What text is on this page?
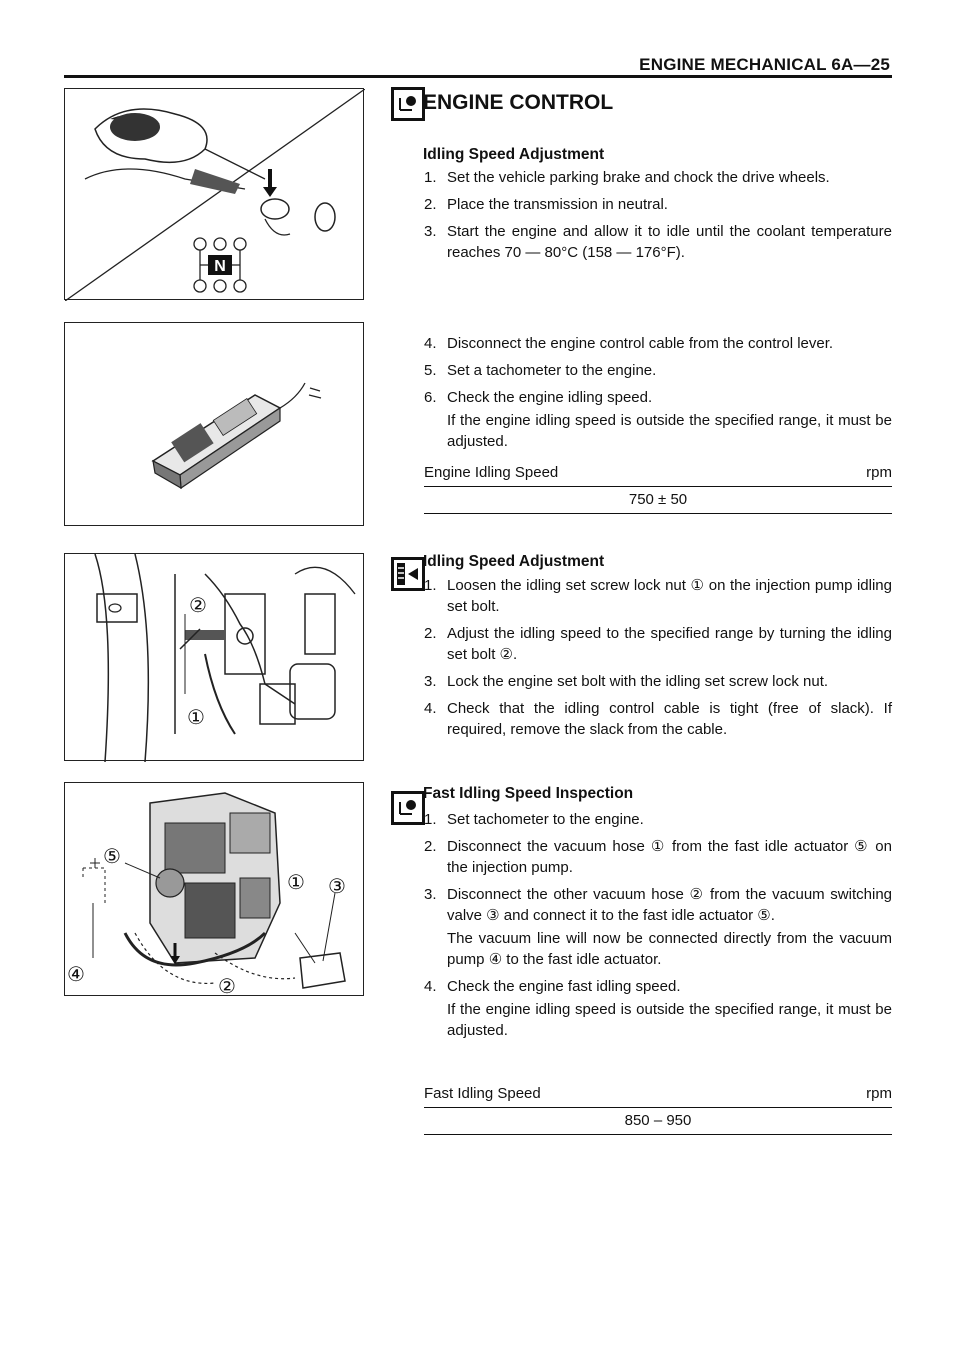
ENGINE MECHANICAL 6A—25
N
②
①
⑤
① ③
④	②
ENGINE CONTROL
Idling Speed Adjustment
1. Set the vehicle parking brake and chock the drive wheels.
2. Place the transmission in neutral.
3. Start the engine and allow it to idle until the coolant temperature reaches 70 — 80°C (158 — 176°F).
4. Disconnect the engine control cable from the control lever.
5. Set a tachometer to the engine.
6. Check the engine idling speed.
If the engine idling speed is outside the specified range, it must be adjusted.
Engine Idling Speed	rpm
750 ± 50
Idling Speed Adjustment
1. Loosen the idling set screw lock nut ① on the injection pump idling set bolt.
2. Adjust the idling speed to the specified range by turning the idling set bolt ②.
3. Lock the engine set bolt with the idling set screw lock nut.
4. Check that the idling control cable is tight (free of slack). If required, remove the slack from the cable.
Fast Idling Speed Inspection
1. Set tachometer to the engine.
2. Disconnect the vacuum hose ① from the fast idle actuator ⑤ on the injection pump.
3. Disconnect the other vacuum hose ② from the vacuum switching valve ③ and connect it to the fast idle actuator ⑤.
The vacuum line will now be connected directly from the vacuum pump ④ to the fast idle actuator.
4. Check the engine fast idling speed.
If the engine idling speed is outside the specified range, it must be adjusted.
Fast Idling Speed	rpm
850 – 950
